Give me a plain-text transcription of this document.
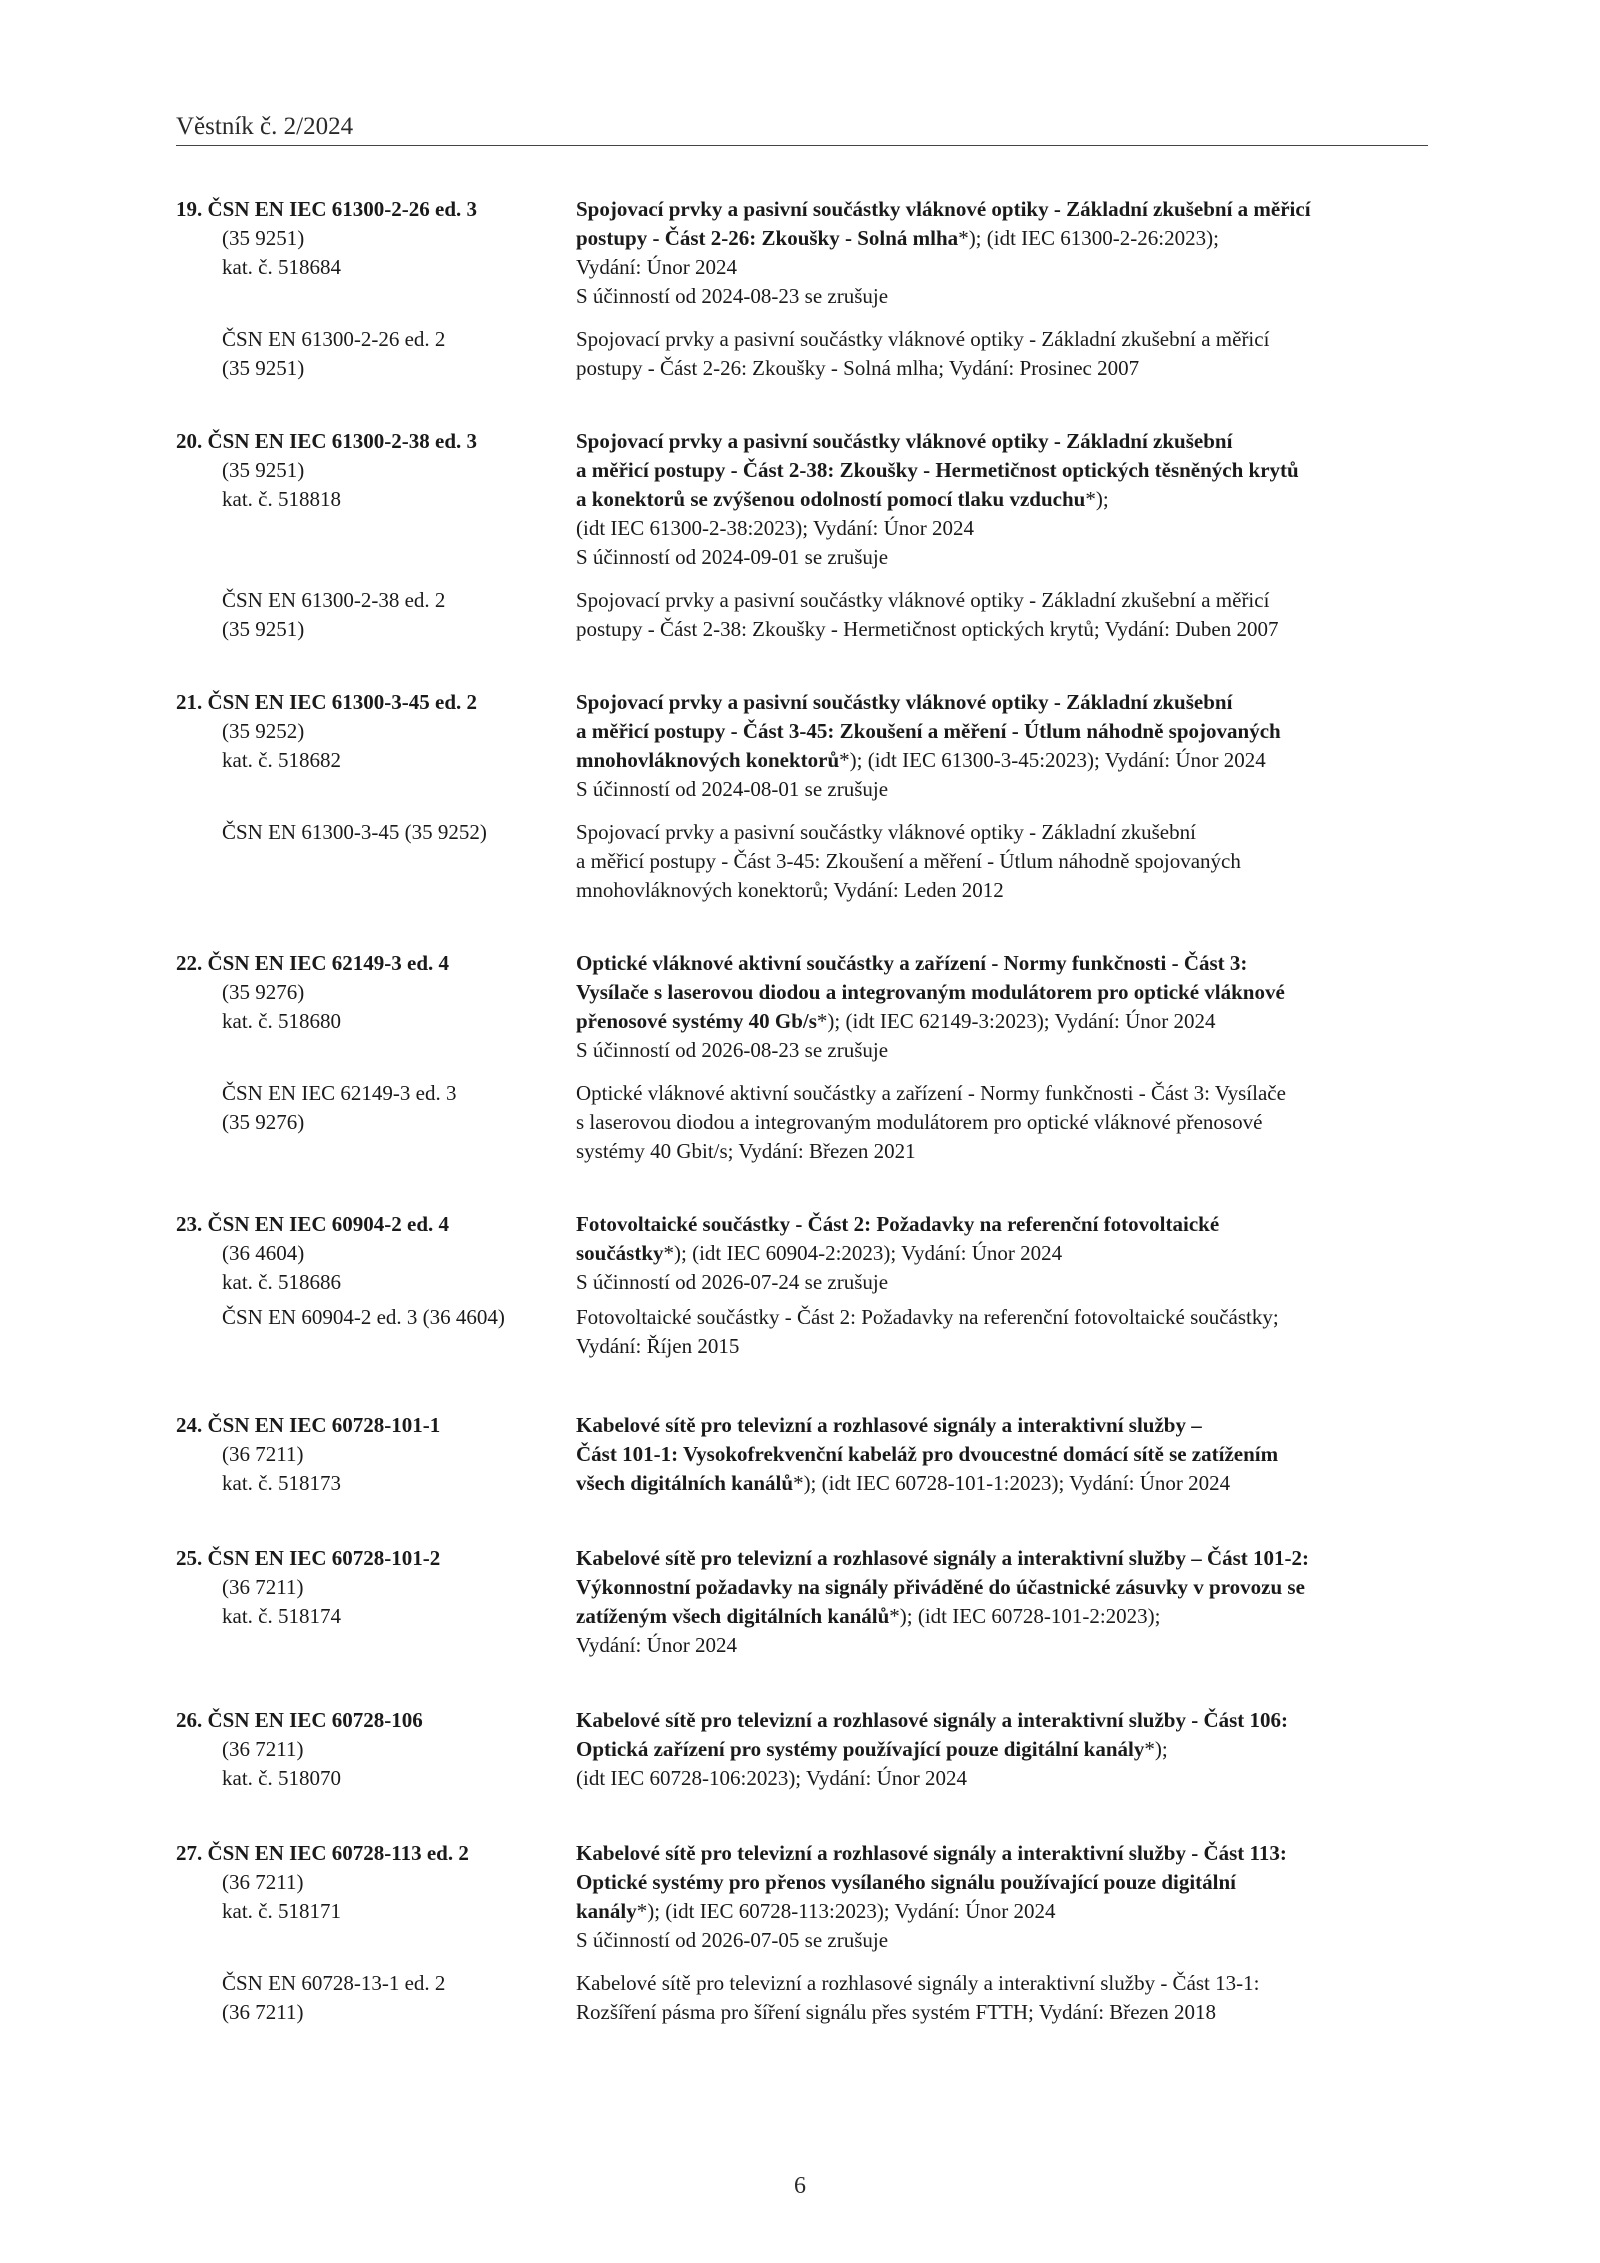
Věstník č. 2/2024
19. ČSN EN IEC 61300-2-26 ed. 3
(35 9251)
kat. č. 518684
Spojovací prvky a pasivní součástky vláknové optiky - Základní zkušební a měřicí
postupy - Část 2-26: Zkoušky - Solná mlha*); (idt IEC 61300-2-26:2023);
Vydání: Únor 2024
S účinností od 2024-08-23 se zrušuje
ČSN EN 61300-2-26 ed. 2
(35 9251)
Spojovací prvky a pasivní součástky vláknové optiky - Základní zkušební a měřicí
postupy - Část 2-26: Zkoušky - Solná mlha; Vydání: Prosinec 2007
20. ČSN EN IEC 61300-2-38 ed. 3
(35 9251)
kat. č. 518818
Spojovací prvky a pasivní součástky vláknové optiky - Základní zkušební
a měřicí postupy - Část 2-38: Zkoušky - Hermetičnost optických těsněných krytů
a konektorů se zvýšenou odolností pomocí tlaku vzduchu*);
(idt IEC 61300-2-38:2023); Vydání: Únor 2024
S účinností od 2024-09-01 se zrušuje
ČSN EN 61300-2-38 ed. 2
(35 9251)
Spojovací prvky a pasivní součástky vláknové optiky - Základní zkušební a měřicí
postupy - Část 2-38: Zkoušky - Hermetičnost optických krytů; Vydání: Duben 2007
21. ČSN EN IEC 61300-3-45 ed. 2
(35 9252)
kat. č. 518682
Spojovací prvky a pasivní součástky vláknové optiky - Základní zkušební
a měřicí postupy - Část 3-45: Zkoušení a měření - Útlum náhodně spojovaných
mnohovláknových konektorů*); (idt IEC 61300-3-45:2023); Vydání: Únor 2024
S účinností od 2024-08-01 se zrušuje
ČSN EN 61300-3-45 (35 9252)	Spojovací prvky a pasivní součástky vláknové optiky - Základní zkušební
a měřicí postupy - Část 3-45: Zkoušení a měření - Útlum náhodně spojovaných
mnohovláknových konektorů; Vydání: Leden 2012
22. ČSN EN IEC 62149-3 ed. 4
(35 9276)
kat. č. 518680
Optické vláknové aktivní součástky a zařízení - Normy funkčnosti - Část 3:
Vysílače s laserovou diodou a integrovaným modulátorem pro optické vláknové
přenosové systémy 40 Gb/s*); (idt IEC 62149-3:2023); Vydání: Únor 2024
S účinností od 2026-08-23 se zrušuje
ČSN EN IEC 62149-3 ed. 3
(35 9276)
Optické vláknové aktivní součástky a zařízení - Normy funkčnosti - Část 3: Vysílače
s laserovou diodou a integrovaným modulátorem pro optické vláknové přenosové
systémy 40 Gbit/s; Vydání: Březen 2021
23. ČSN EN IEC 60904-2 ed. 4
(36 4604)
kat. č. 518686
Fotovoltaické součástky - Část 2: Požadavky na referenční fotovoltaické
součástky*); (idt IEC 60904-2:2023); Vydání: Únor 2024
S účinností od 2026-07-24 se zrušuje
ČSN EN 60904-2 ed. 3 (36 4604)	Fotovoltaické součástky - Část 2: Požadavky na referenční fotovoltaické součástky;
Vydání: Říjen 2015
24. ČSN EN IEC 60728-101-1
(36 7211)
kat. č. 518173
Kabelové sítě pro televizní a rozhlasové signály a interaktivní služby –
Část 101-1: Vysokofrekvenční kabeláž pro dvoucestné domácí sítě se zatížením
všech digitálních kanálů*); (idt IEC 60728-101-1:2023); Vydání: Únor 2024
25. ČSN EN IEC 60728-101-2
(36 7211)
kat. č. 518174
Kabelové sítě pro televizní a rozhlasové signály a interaktivní služby – Část 101-2:
Výkonnostní požadavky na signály přiváděné do účastnické zásuvky v provozu se
zatíženým všech digitálních kanálů*); (idt IEC 60728-101-2:2023);
Vydání: Únor 2024
26. ČSN EN IEC 60728-106
(36 7211)
kat. č. 518070
Kabelové sítě pro televizní a rozhlasové signály a interaktivní služby - Část 106:
Optická zařízení pro systémy používající pouze digitální kanály*);
(idt IEC 60728-106:2023); Vydání: Únor 2024
27. ČSN EN IEC 60728-113 ed. 2
(36 7211)
kat. č. 518171
Kabelové sítě pro televizní a rozhlasové signály a interaktivní služby - Část 113:
Optické systémy pro přenos vysílaného signálu používající pouze digitální
kanály*); (idt IEC 60728-113:2023); Vydání: Únor 2024
S účinností od 2026-07-05 se zrušuje
ČSN EN 60728-13-1 ed. 2
(36 7211)
Kabelové sítě pro televizní a rozhlasové signály a interaktivní služby - Část 13-1:
Rozšíření pásma pro šíření signálu přes systém FTTH; Vydání: Březen 2018
6
